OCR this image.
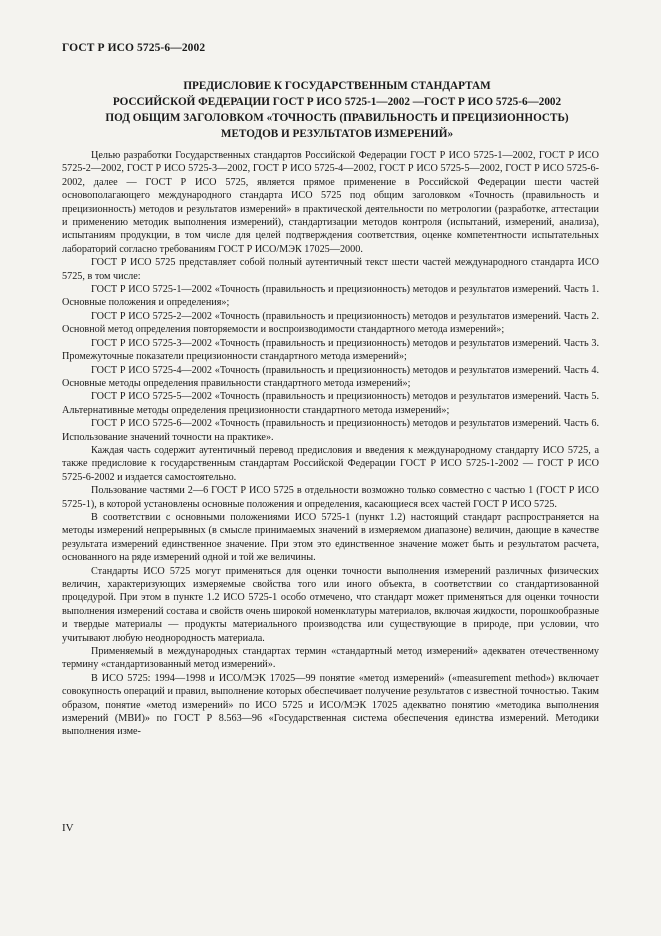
ГОСТ Р ИСО 5725-6—2002
ПРЕДИСЛОВИЕ К ГОСУДАРСТВЕННЫМ СТАНДАРТАМ
РОССИЙСКОЙ ФЕДЕРАЦИИ ГОСТ Р ИСО 5725-1—2002 —ГОСТ Р ИСО 5725-6—2002
ПОД ОБЩИМ ЗАГОЛОВКОМ «ТОЧНОСТЬ (ПРАВИЛЬНОСТЬ И ПРЕЦИЗИОННОСТЬ)
МЕТОДОВ И РЕЗУЛЬТАТОВ ИЗМЕРЕНИЙ»

Целью разработки Государственных стандартов Российской Федерации ГОСТ Р ИСО 5725-1—2002, ГОСТ Р ИСО 5725-2—2002, ГОСТ Р ИСО 5725-3—2002, ГОСТ Р ИСО 5725-4—2002, ГОСТ Р ИСО 5725-5—2002, ГОСТ Р ИСО 5725-6-2002, далее — ГОСТ Р ИСО 5725, является прямое применение в Российской Федерации шести частей основополагающего международного стандарта ИСО 5725 под общим заголовком «Точность (правильность и прецизионность) методов и результатов измерений» в практической деятельности по метрологии (разработке, аттестации и применению методик выполнения измерений), стандартизации методов контроля (испытаний, измерений, анализа), испытаниям продукции, в том числе для целей подтверждения соответствия, оценке компетентности испытательных лабораторий согласно требованиям ГОСТ Р ИСО/МЭК 17025—2000.

ГОСТ Р ИСО 5725 представляет собой полный аутентичный текст шести частей международного стандарта ИСО 5725, в том числе:

ГОСТ Р ИСО 5725-1—2002 «Точность (правильность и прецизионность) методов и результатов измерений. Часть 1. Основные положения и определения»;

ГОСТ Р ИСО 5725-2—2002 «Точность (правильность и прецизионность) методов и результатов измерений. Часть 2. Основной метод определения повторяемости и воспроизводимости стандартного метода измерений»;

ГОСТ Р ИСО 5725-3—2002 «Точность (правильность и прецизионность) методов и результатов измерений. Часть 3. Промежуточные показатели прецизионности стандартного метода измерений»;

ГОСТ Р ИСО 5725-4—2002 «Точность (правильность и прецизионность) методов и результатов измерений. Часть 4. Основные методы определения правильности стандартного метода измерений»;

ГОСТ Р ИСО 5725-5—2002 «Точность (правильность и прецизионность) методов и результатов измерений. Часть 5. Альтернативные методы определения прецизионности стандартного метода измерений»;

ГОСТ Р ИСО 5725-6—2002 «Точность (правильность и прецизионность) методов и результатов измерений. Часть 6. Использование значений точности на практике».

Каждая часть содержит аутентичный перевод предисловия и введения к международному стандарту ИСО 5725, а также предисловие к государственным стандартам Российской Федерации ГОСТ Р ИСО 5725-1-2002 — ГОСТ Р ИСО 5725-6-2002 и издается самостоятельно.

Пользование частями 2—6 ГОСТ Р ИСО 5725 в отдельности возможно только совместно с частью 1 (ГОСТ Р ИСО 5725-1), в которой установлены основные положения и определения, касающиеся всех частей ГОСТ Р ИСО 5725.

В соответствии с основными положениями ИСО 5725-1 (пункт 1.2) настоящий стандарт распространяется на методы измерений непрерывных (в смысле принимаемых значений в измеряемом диапазоне) величин, дающие в качестве результата измерений единственное значение. При этом это единственное значение может быть и результатом расчета, основанного на ряде измерений одной и той же величины.

Стандарты ИСО 5725 могут применяться для оценки точности выполнения измерений различных физических величин, характеризующих измеряемые свойства того или иного объекта, в соответствии со стандартизованной процедурой. При этом в пункте 1.2 ИСО 5725-1 особо отмечено, что стандарт может применяться для оценки точности выполнения измерений состава и свойств очень широкой номенклатуры материалов, включая жидкости, порошкообразные и твердые материалы — продукты материального производства или существующие в природе, при условии, что учитывают любую неоднородность материала.

Применяемый в международных стандартах термин «стандартный метод измерений» адекватен отечественному термину «стандартизованный метод измерений».

В ИСО 5725: 1994—1998 и ИСО/МЭК 17025—99 понятие «метод измерений» («measurement method») включает совокупность операций и правил, выполнение которых обеспечивает получение результатов с известной точностью. Таким образом, понятие «метод измерений» по ИСО 5725 и ИСО/МЭК 17025 адекватно понятию «методика выполнения измерений (МВИ)» по ГОСТ Р 8.563—96 «Государственная система обеспечения единства измерений. Методики выполнения изме-

IV
